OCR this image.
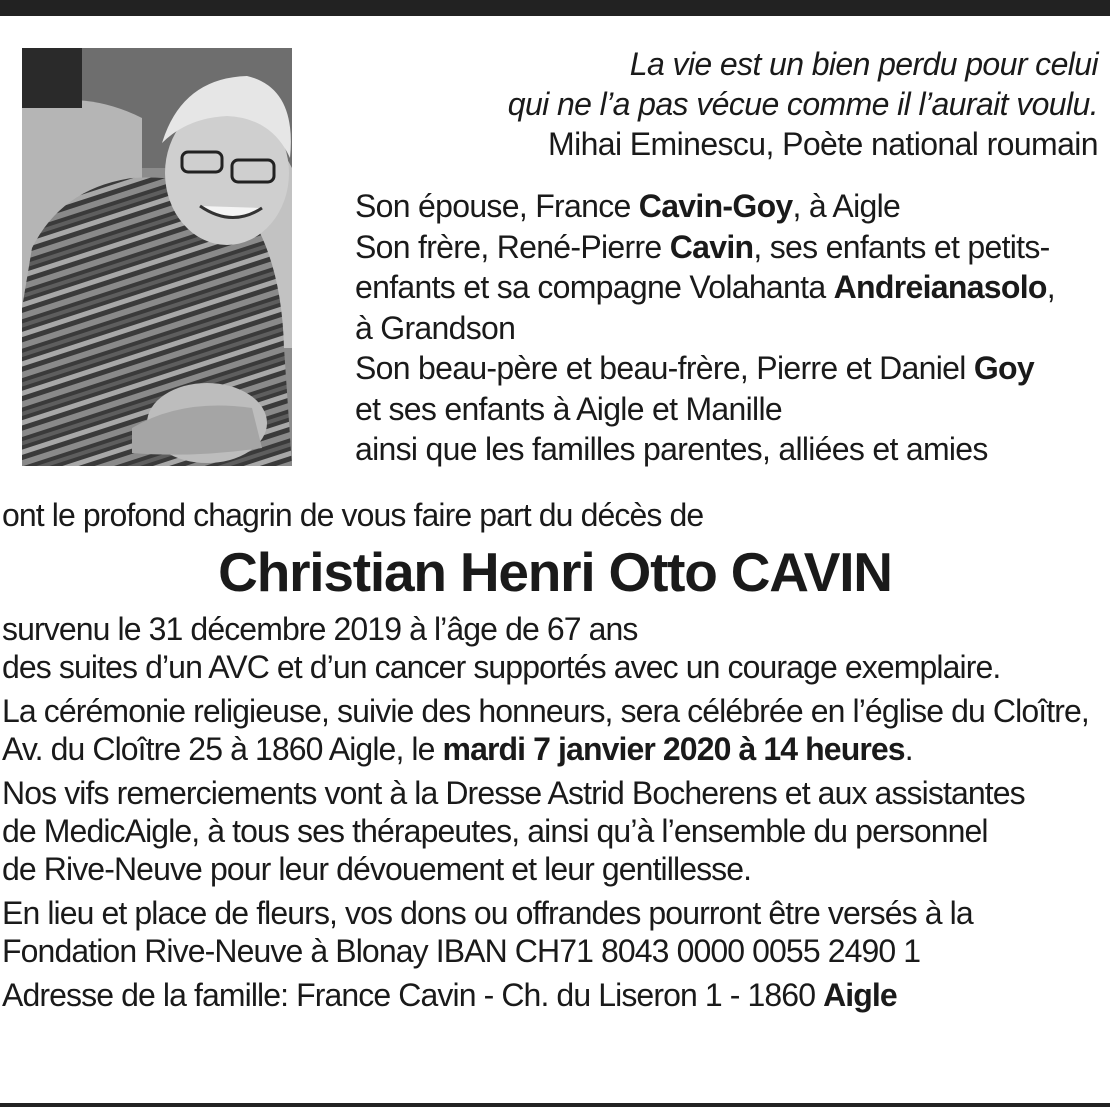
La vie est un bien perdu pour celui
qui ne l’a pas vécue comme il l’aurait voulu.
Mihai Eminescu, Poète national roumain
Son épouse, France Cavin-Goy, à Aigle
Son frère, René-Pierre Cavin, ses enfants et petits-
enfants et sa compagne Volahanta Andreianasolo,
à Grandson
Son beau-père et beau-frère, Pierre et Daniel Goy
et ses enfants à Aigle et Manille
ainsi que les familles parentes, alliées et amies
ont le profond chagrin de vous faire part du décès de
Christian Henri Otto CAVIN
survenu le 31 décembre 2019 à l’âge de 67 ans
des suites d’un AVC et d’un cancer supportés avec un courage exemplaire.
La cérémonie religieuse, suivie des honneurs, sera célébrée en l’église du Cloître,
Av. du Cloître 25 à 1860 Aigle, le mardi 7 janvier 2020 à 14 heures.
Nos vifs remerciements vont à la Dresse Astrid Bocherens et aux assistantes
de MedicAigle, à tous ses thérapeutes, ainsi qu’à l’ensemble du personnel
de Rive-Neuve pour leur dévouement et leur gentillesse.
En lieu et place de fleurs, vos dons ou offrandes pourront être versés à la
Fondation Rive-Neuve à Blonay IBAN CH71 8043 0000 0055 2490 1
Adresse de la famille: France Cavin - Ch. du Liseron 1 - 1860 Aigle
